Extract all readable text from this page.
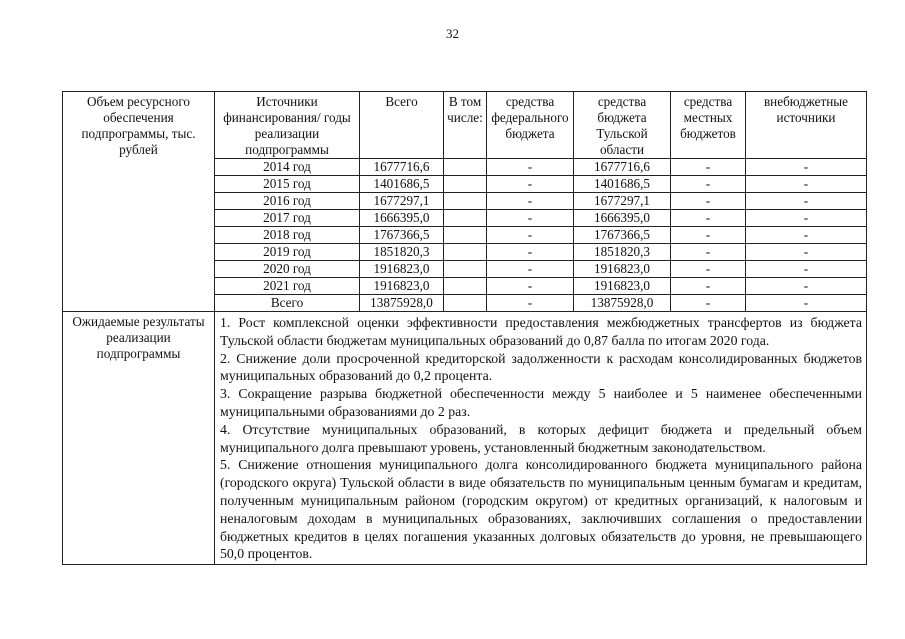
32
Объем ресурсного обеспечения подпрограммы, тыс. рублей	Источники финансирования/ годы реализации подпрограммы	Всего	В том числе:	средства федерального бюджета	средства бюджета Тульской области	средства местных бюджетов	внебюджетные источники
	2014 год	1677716,6		-	1677716,6	-	-
	2015 год	1401686,5		-	1401686,5	-	-
	2016 год	1677297,1		-	1677297,1	-	-
	2017 год	1666395,0		-	1666395,0	-	-
	2018 год	1767366,5		-	1767366,5	-	-
	2019 год	1851820,3		-	1851820,3	-	-
	2020 год	1916823,0		-	1916823,0	-	-
	2021 год	1916823,0		-	1916823,0	-	-
	Всего	13875928,0		-	13875928,0	-	-
Ожидаемые результаты реализации подпрограммы	1. Рост комплексной оценки эффективности предоставления межбюджетных трансфертов из бюджета Тульской области бюджетам муниципальных образований до 0,87 балла по итогам 2020 года.

2. Снижение доли просроченной кредиторской задолженности к расходам консолидированных бюджетов муниципальных образований до 0,2 процента.

3. Сокращение разрыва бюджетной обеспеченности между 5 наиболее и 5 наименее обеспеченными муниципальными образованиями до 2 раз.

4. Отсутствие муниципальных образований, в которых дефицит бюджета и предельный объем муниципального долга превышают уровень, установленный бюджетным законодательством.

5. Снижение отношения муниципального долга консолидированного бюджета муниципального района (городского округа) Тульской области в виде обязательств по муниципальным ценным бумагам и кредитам, полученным муниципальным районом (городским округом) от кредитных организаций, к налоговым и неналоговым доходам в муниципальных образованиях, заключивших соглашения о предоставлении бюджетных кредитов в целях погашения указанных долговых обязательств до уровня, не превышающего 50,0 процентов.						
